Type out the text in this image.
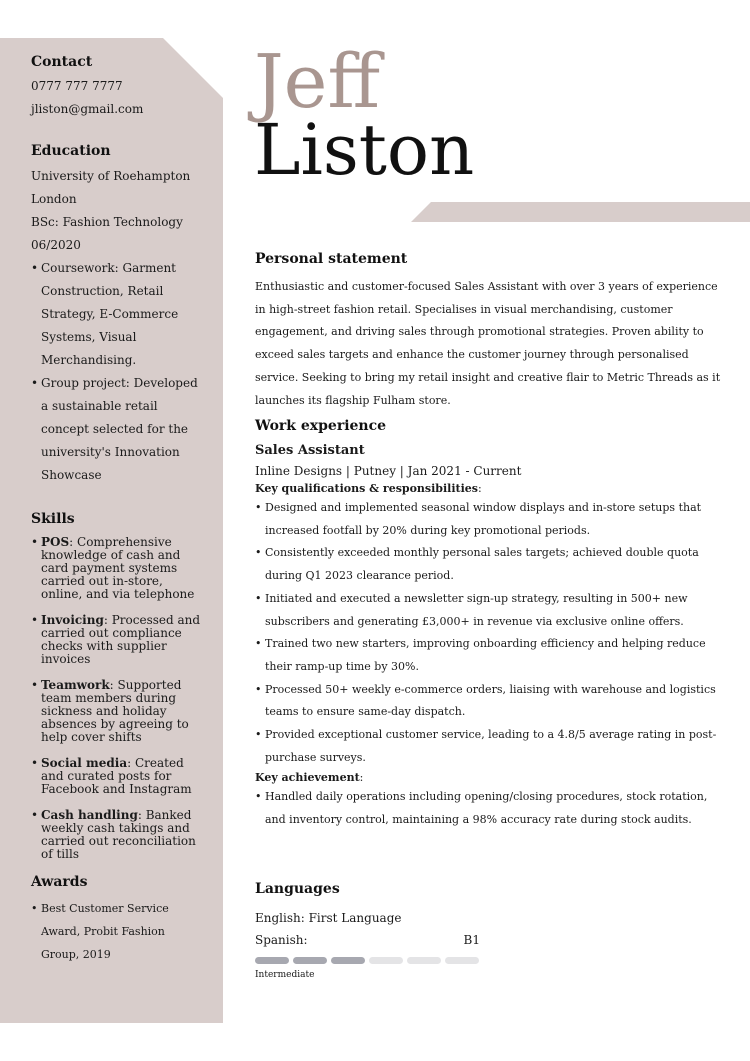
Contact
0777 777 7777
jliston@gmail.com
Education
University of Roehampton
London
BSc: Fashion Technology
06/2020
• Coursework: Garment Construction, Retail Strategy, E-Commerce Systems, Visual Merchandising.
• Group project: Developed a sustainable retail concept selected for the university's Innovation Showcase
Skills
• POS: Comprehensive knowledge of cash and card payment systems carried out in-store, online, and via telephone
• Invoicing: Processed and carried out compliance checks with supplier invoices
• Teamwork: Supported team members during sickness and holiday absences by agreeing to help cover shifts
• Social media: Created and curated posts for Facebook and Instagram
• Cash handling: Banked weekly cash takings and carried out reconciliation of tills
Awards
• Best Customer Service Award, Probit Fashion Group, 2019
Jeff
Liston
Personal statement
Enthusiastic and customer-focused Sales Assistant with over 3 years of experience in high-street fashion retail. Specialises in visual merchandising, customer engagement, and driving sales through promotional strategies. Proven ability to exceed sales targets and enhance the customer journey through personalised service. Seeking to bring my retail insight and creative flair to Metric Threads as it launches its flagship Fulham store.
Work experience
Sales Assistant
Inline Designs | Putney | Jan 2021 - Current
Key qualifications & responsibilities:
• Designed and implemented seasonal window displays and in-store setups that increased footfall by 20% during key promotional periods.
• Consistently exceeded monthly personal sales targets; achieved double quota during Q1 2023 clearance period.
• Initiated and executed a newsletter sign-up strategy, resulting in 500+ new subscribers and generating £3,000+ in revenue via exclusive online offers.
• Trained two new starters, improving onboarding efficiency and helping reduce their ramp-up time by 30%.
• Processed 50+ weekly e-commerce orders, liaising with warehouse and logistics teams to ensure same-day dispatch.
• Provided exceptional customer service, leading to a 4.8/5 average rating in post-purchase surveys.
Key achievement:
• Handled daily operations including opening/closing procedures, stock rotation, and inventory control, maintaining a 98% accuracy rate during stock audits.
Languages
English: First Language
Spanish:	B1
Intermediate
